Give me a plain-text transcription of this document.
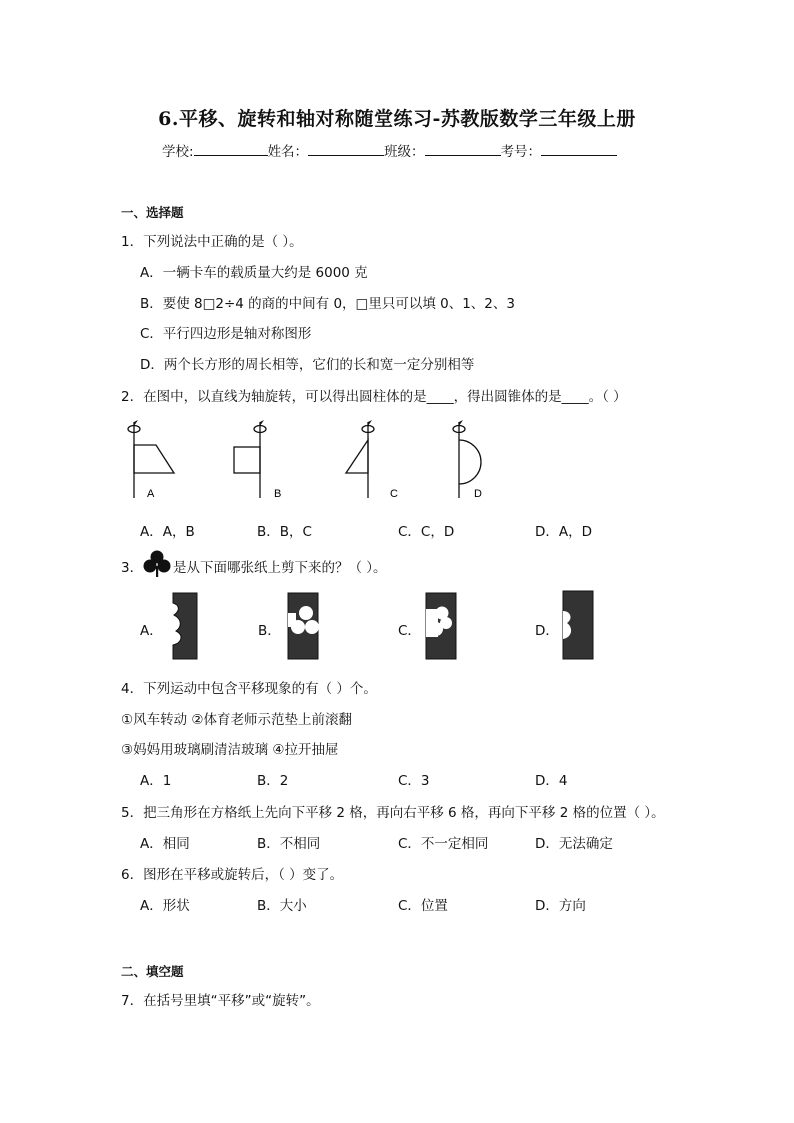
6.平移、旋转和轴对称随堂练习-苏教版数学三年级上册
学校:	姓名：	班级：	考号：
一、选择题
1．下列说法中正确的是（ ）。
A．一辆卡车的载质量大约是 6000 克
B．要使 8□2÷4 的商的中间有 0，□里只可以填 0、1、2、3
C．平行四边形是轴对称图形
D．两个长方形的周长相等，它们的长和宽一定分别相等
2．在图中，以直线为轴旋转，可以得出圆柱体的是____，得出圆锥体的是____。（ ）
A	B	C	D
A．A，B	B．B，C	C．C，D	D．A，D
3． 是从下面哪张纸上剪下来的？（ ）。
A．	B．	C．	D．
4．下列运动中包含平移现象的有（ ）个。
①风车转动 ②体育老师示范垫上前滚翻
③妈妈用玻璃刷清洁玻璃 ④拉开抽屉
A．1	B．2	C．3	D．4
5．把三角形在方格纸上先向下平移 2 格，再向右平移 6 格，再向下平移 2 格的位置（ ）。
A．相同	B．不相同	C．不一定相同	D．无法确定
6．图形在平移或旋转后，（ ）变了。
A．形状	B．大小	C．位置	D．方向
二、填空题
7．在括号里填“平移”或“旋转”。
